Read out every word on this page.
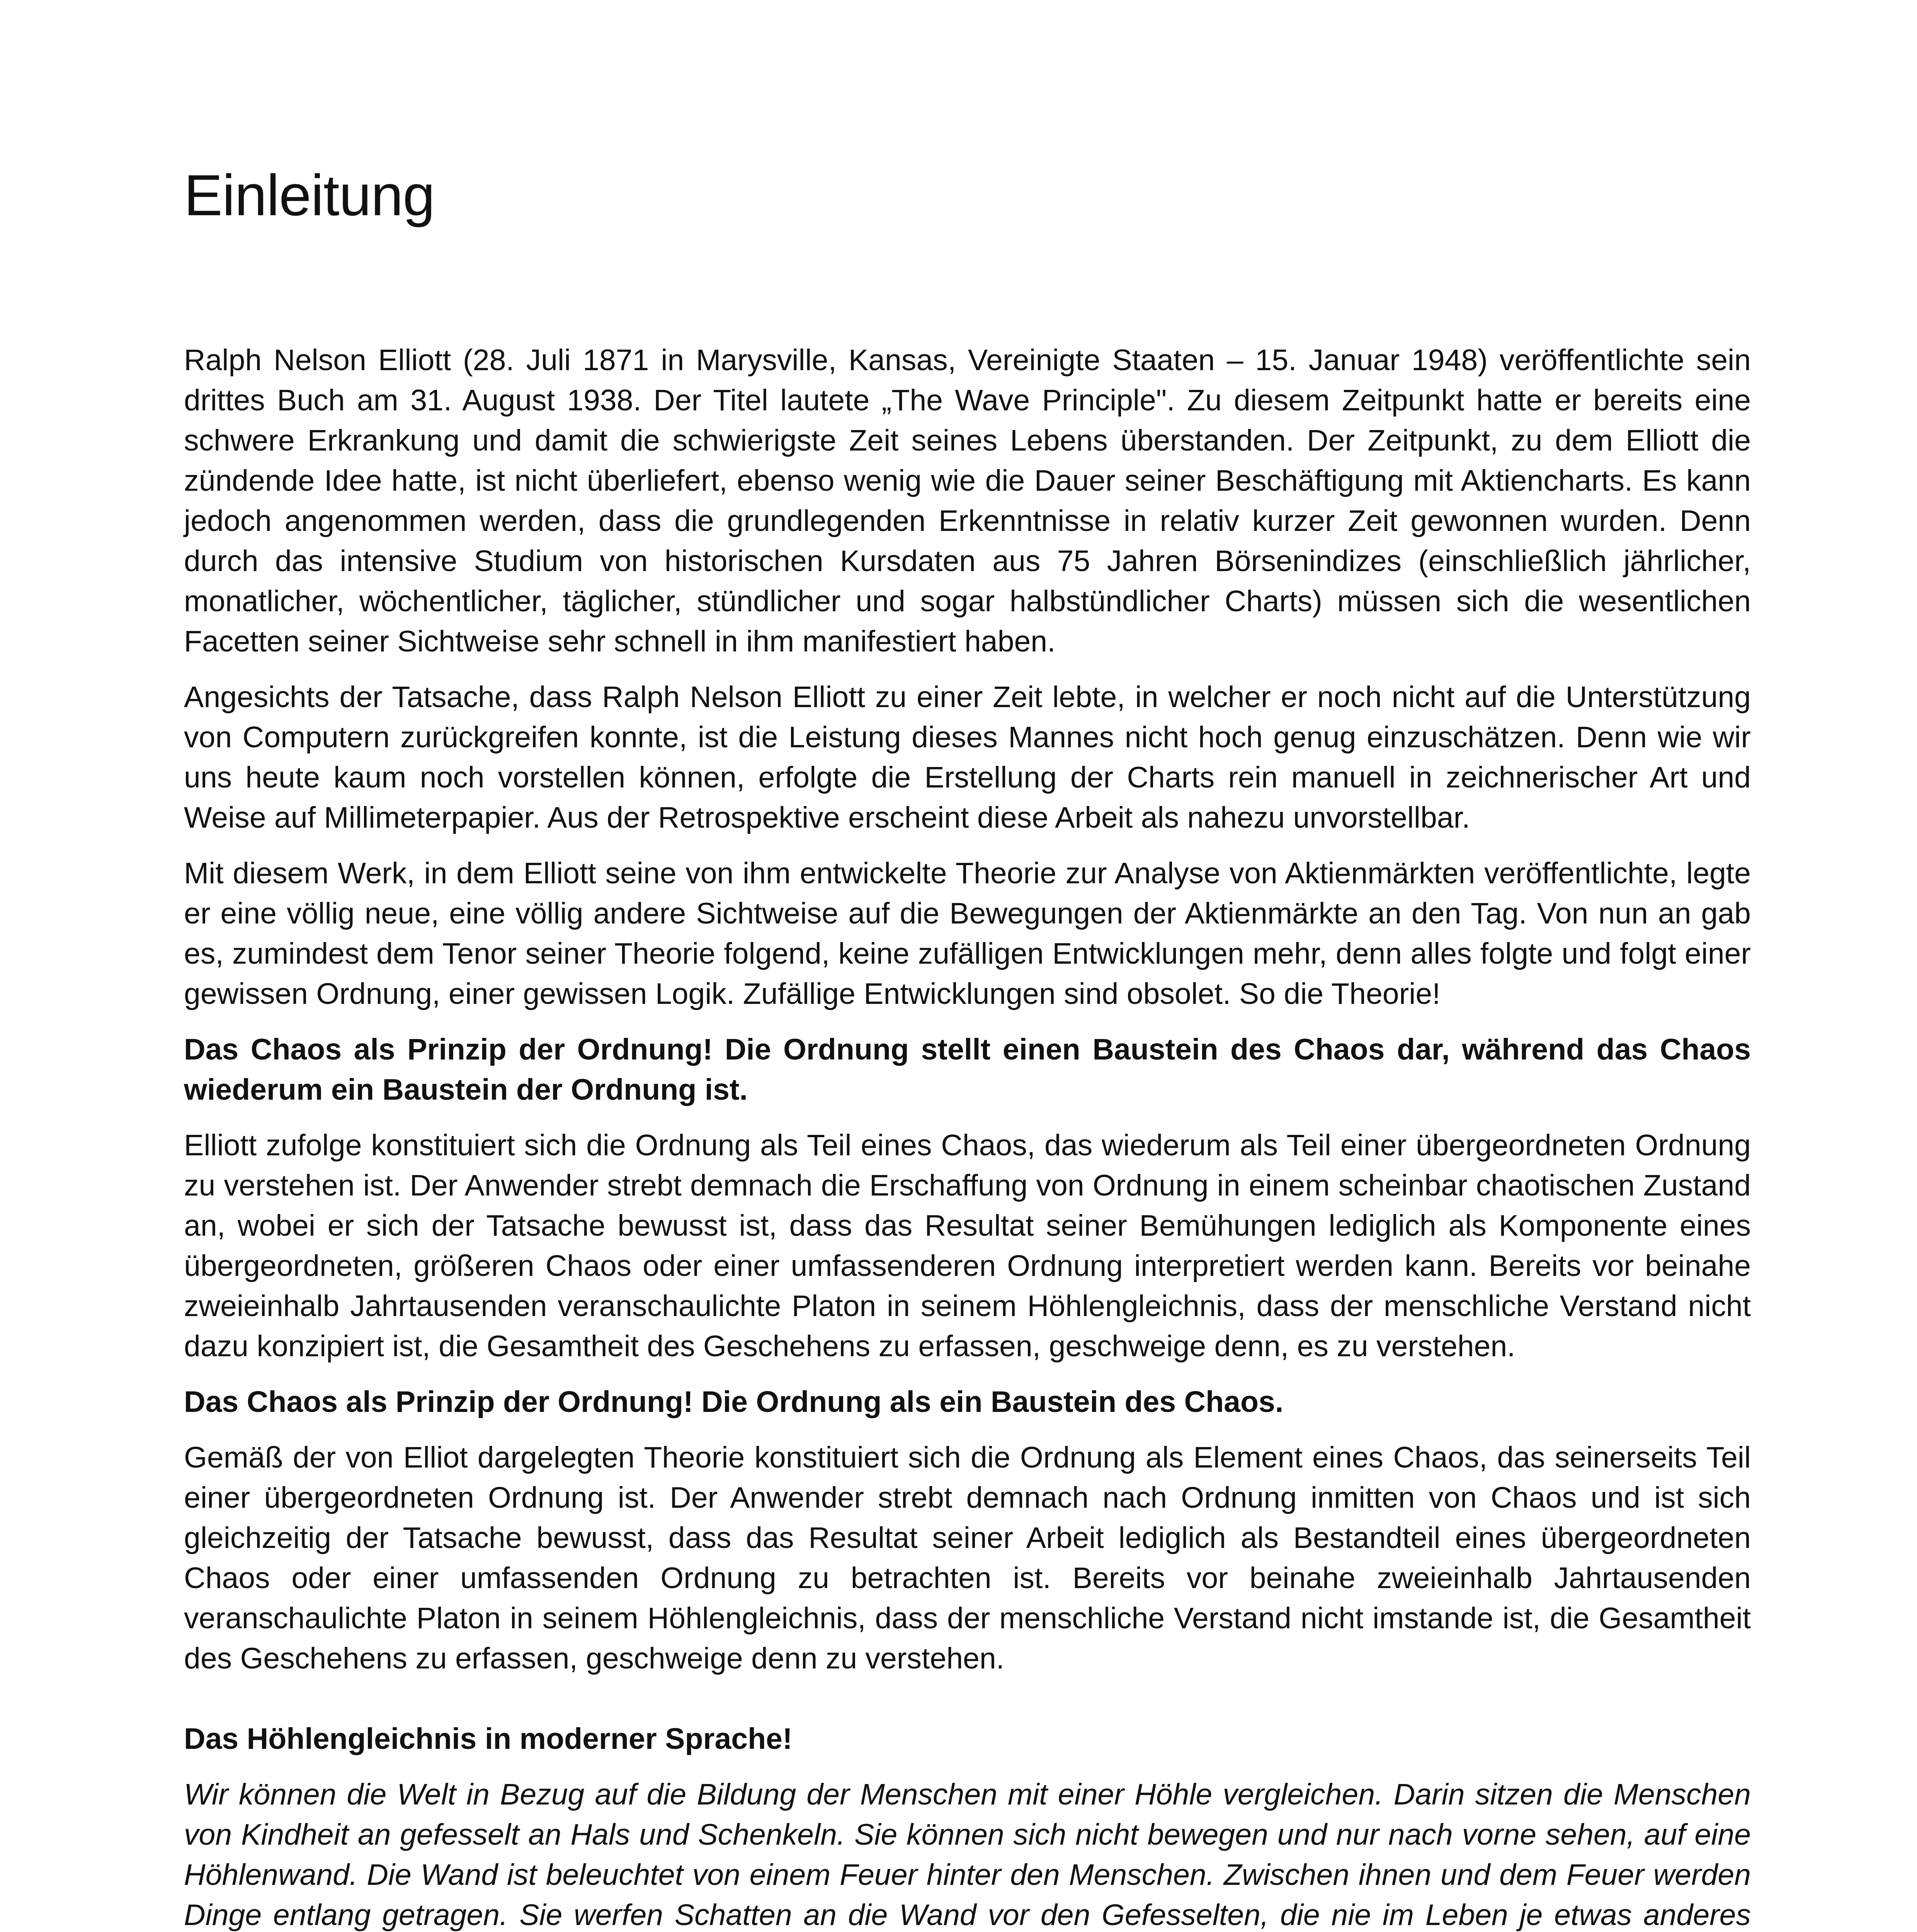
Einleitung

Ralph Nelson Elliott (28. Juli 1871 in Marysville, Kansas, Vereinigte Staaten – 15. Januar 1948) veröffentlichte sein drittes Buch am 31. August 1938. Der Titel lautete „The Wave Principle". Zu diesem Zeitpunkt hatte er bereits eine schwere Erkrankung und damit die schwierigste Zeit seines Lebens überstanden. Der Zeitpunkt, zu dem Elliott die zündende Idee hatte, ist nicht überliefert, ebenso wenig wie die Dauer seiner Beschäftigung mit Aktiencharts. Es kann jedoch angenommen werden, dass die grundlegenden Erkenntnisse in relativ kurzer Zeit gewonnen wurden. Denn durch das intensive Studium von historischen Kursdaten aus 75 Jahren Börsenindizes (einschließlich jährlicher, monatlicher, wöchentlicher, täglicher, stündlicher und sogar halbstündlicher Charts) müssen sich die wesentlichen Facetten seiner Sichtweise sehr schnell in ihm manifestiert haben.

Angesichts der Tatsache, dass Ralph Nelson Elliott zu einer Zeit lebte, in welcher er noch nicht auf die Unterstützung von Computern zurückgreifen konnte, ist die Leistung dieses Mannes nicht hoch genug einzuschätzen. Denn wie wir uns heute kaum noch vorstellen können, erfolgte die Erstellung der Charts rein manuell in zeichnerischer Art und Weise auf Millimeterpapier. Aus der Retrospektive erscheint diese Arbeit als nahezu unvorstellbar.

Mit diesem Werk, in dem Elliott seine von ihm entwickelte Theorie zur Analyse von Aktienmärkten veröffentlichte, legte er eine völlig neue, eine völlig andere Sichtweise auf die Bewegungen der Aktienmärkte an den Tag. Von nun an gab es, zumindest dem Tenor seiner Theorie folgend, keine zufälligen Entwicklungen mehr, denn alles folgte und folgt einer gewissen Ordnung, einer gewissen Logik. Zufällige Entwicklungen sind obsolet. So die Theorie!

Das Chaos als Prinzip der Ordnung! Die Ordnung stellt einen Baustein des Chaos dar, während das Chaos wiederum ein Baustein der Ordnung ist.

Elliott zufolge konstituiert sich die Ordnung als Teil eines Chaos, das wiederum als Teil einer übergeordneten Ordnung zu verstehen ist. Der Anwender strebt demnach die Erschaffung von Ordnung in einem scheinbar chaotischen Zustand an, wobei er sich der Tatsache bewusst ist, dass das Resultat seiner Bemühungen lediglich als Komponente eines übergeordneten, größeren Chaos oder einer umfassenderen Ordnung interpretiert werden kann. Bereits vor beinahe zweieinhalb Jahrtausenden veranschaulichte Platon in seinem Höhlengleichnis, dass der menschliche Verstand nicht dazu konzipiert ist, die Gesamtheit des Geschehens zu erfassen, geschweige denn, es zu verstehen.

Das Chaos als Prinzip der Ordnung! Die Ordnung als ein Baustein des Chaos.

Gemäß der von Elliot dargelegten Theorie konstituiert sich die Ordnung als Element eines Chaos, das seinerseits Teil einer übergeordneten Ordnung ist. Der Anwender strebt demnach nach Ordnung inmitten von Chaos und ist sich gleichzeitig der Tatsache bewusst, dass das Resultat seiner Arbeit lediglich als Bestandteil eines übergeordneten Chaos oder einer umfassenden Ordnung zu betrachten ist. Bereits vor beinahe zweieinhalb Jahrtausenden veranschaulichte Platon in seinem Höhlengleichnis, dass der menschliche Verstand nicht imstande ist, die Gesamtheit des Geschehens zu erfassen, geschweige denn zu verstehen.

Das Höhlengleichnis in moderner Sprache!

Wir können die Welt in Bezug auf die Bildung der Menschen mit einer Höhle vergleichen. Darin sitzen die Menschen von Kindheit an gefesselt an Hals und Schenkeln. Sie können sich nicht bewegen und nur nach vorne sehen, auf eine Höhlenwand. Die Wand ist beleuchtet von einem Feuer hinter den Menschen. Zwischen ihnen und dem Feuer werden Dinge entlang getragen. Sie werfen Schatten an die Wand vor den Gefesselten, die nie im Leben je etwas anderes
